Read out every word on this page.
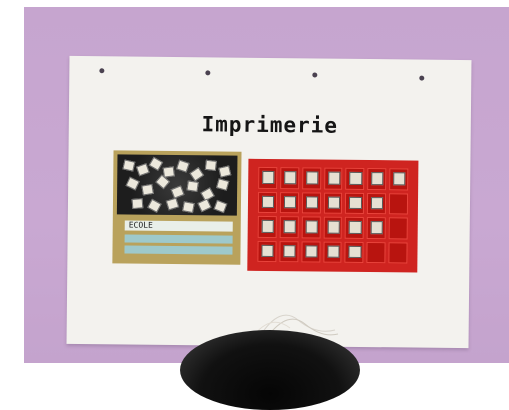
Imprimerie
ECOLE
